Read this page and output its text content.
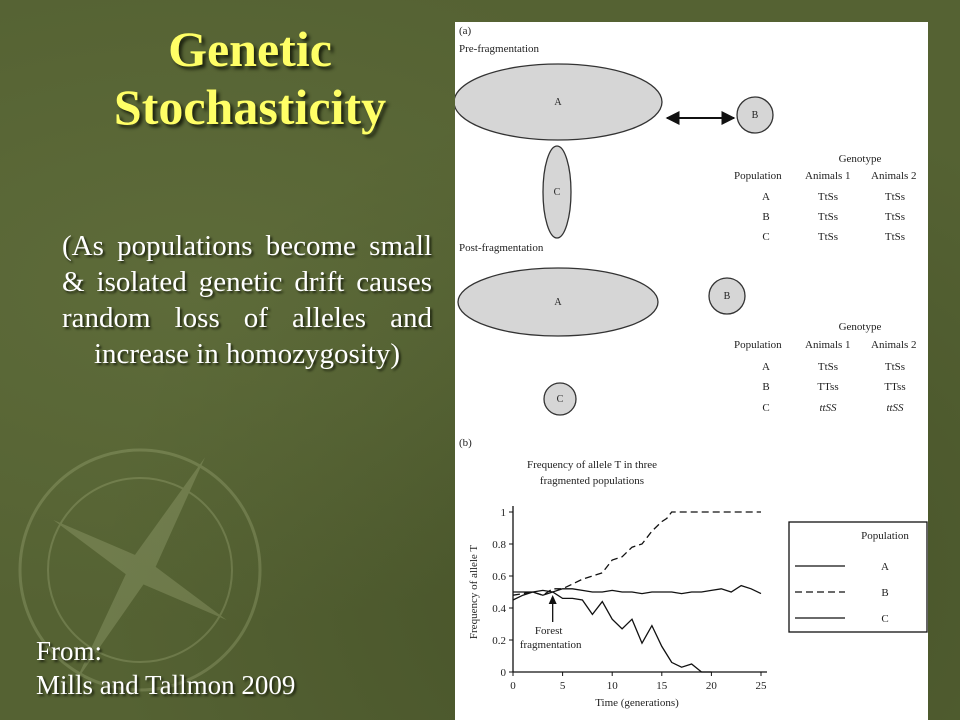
Genetic
Stochasticity
(As populations become small & isolated genetic drift causes random loss of alleles and increase in homozygosity)
From:
Mills and Tallmon 2009
(a)
Pre-fragmentation
A
C
B
Genotype
Population Animals 1 Animals 2
A	TtSs	TtSs
B	TtSs	TtSs
C	TtSs	TtSs
Post-fragmentation
A
B
C
Genotype
Population Animals 1 Animals 2
A	TtSs	TtSs
B	TTss	TTss
C	ttSS	ttSS
(b)
Frequency of allele T in three
fragmented populations
0
0.2
0.4
0.6
0.8
1
0	5	10	15	20	25
Time (generations)
Frequency of allele T	Forest
fragmentation
Population
A
B
C
